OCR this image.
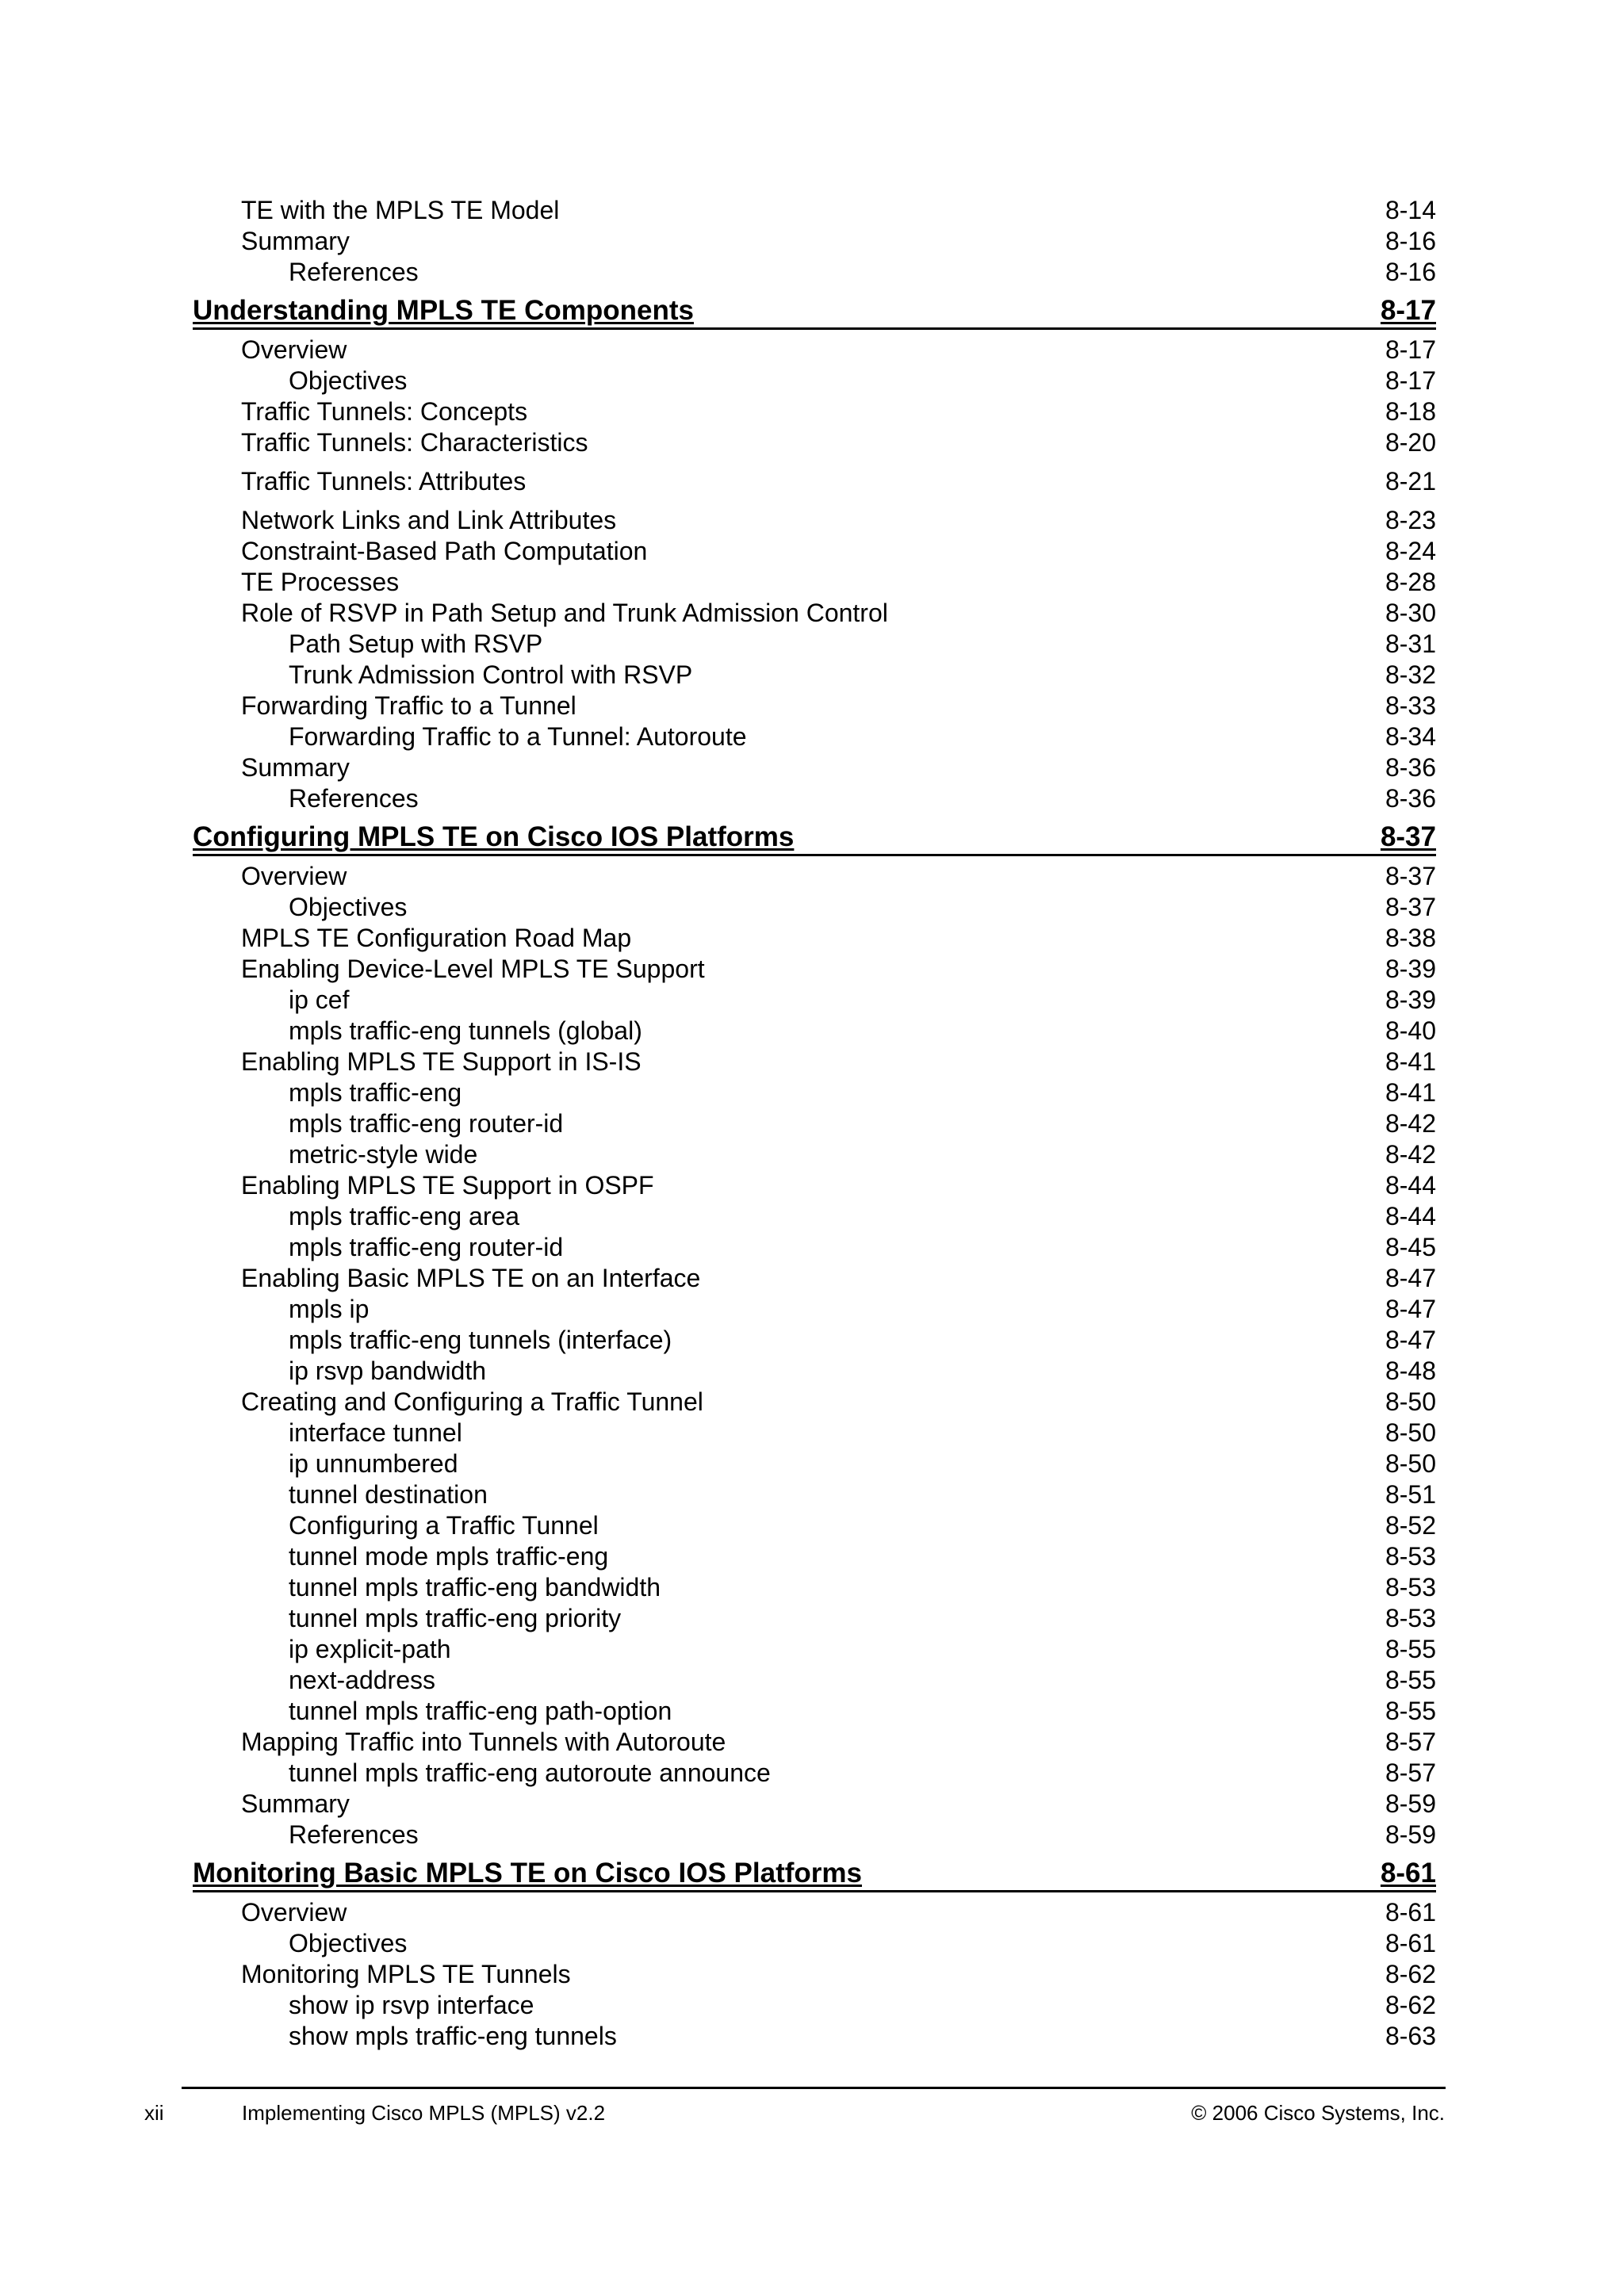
TE with the MPLS TE Model	8-14
Summary	8-16
References	8-16
Understanding MPLS TE Components	8-17
Overview	8-17
Objectives	8-17
Traffic Tunnels: Concepts	8-18
Traffic Tunnels: Characteristics	8-20
Traffic Tunnels: Attributes	8-21
Network Links and Link Attributes	8-23
Constraint-Based Path Computation	8-24
TE Processes	8-28
Role of RSVP in Path Setup and Trunk Admission Control	8-30
Path Setup with RSVP	8-31
Trunk Admission Control with RSVP	8-32
Forwarding Traffic to a Tunnel	8-33
Forwarding Traffic to a Tunnel: Autoroute	8-34
Summary	8-36
References	8-36
Configuring MPLS TE on Cisco IOS Platforms	8-37
Overview	8-37
Objectives	8-37
MPLS TE Configuration Road Map	8-38
Enabling Device-Level MPLS TE Support	8-39
ip cef	8-39
mpls traffic-eng tunnels (global)	8-40
Enabling MPLS TE Support in IS-IS	8-41
mpls traffic-eng	8-41
mpls traffic-eng router-id	8-42
metric-style wide	8-42
Enabling MPLS TE Support in OSPF	8-44
mpls traffic-eng area	8-44
mpls traffic-eng router-id	8-45
Enabling Basic MPLS TE on an Interface	8-47
mpls ip	8-47
mpls traffic-eng tunnels (interface)	8-47
ip rsvp bandwidth	8-48
Creating and Configuring a Traffic Tunnel	8-50
interface tunnel	8-50
ip unnumbered	8-50
tunnel destination	8-51
Configuring a Traffic Tunnel	8-52
tunnel mode mpls traffic-eng	8-53
tunnel mpls traffic-eng bandwidth	8-53
tunnel mpls traffic-eng priority	8-53
ip explicit-path	8-55
next-address	8-55
tunnel mpls traffic-eng path-option	8-55
Mapping Traffic into Tunnels with Autoroute	8-57
tunnel mpls traffic-eng autoroute announce	8-57
Summary	8-59
References	8-59
Monitoring Basic MPLS TE on Cisco IOS Platforms	8-61
Overview	8-61
Objectives	8-61
Monitoring MPLS TE Tunnels	8-62
show ip rsvp interface	8-62
show mpls traffic-eng tunnels	8-63
xii	Implementing Cisco MPLS (MPLS) v2.2	© 2006 Cisco Systems, Inc.
